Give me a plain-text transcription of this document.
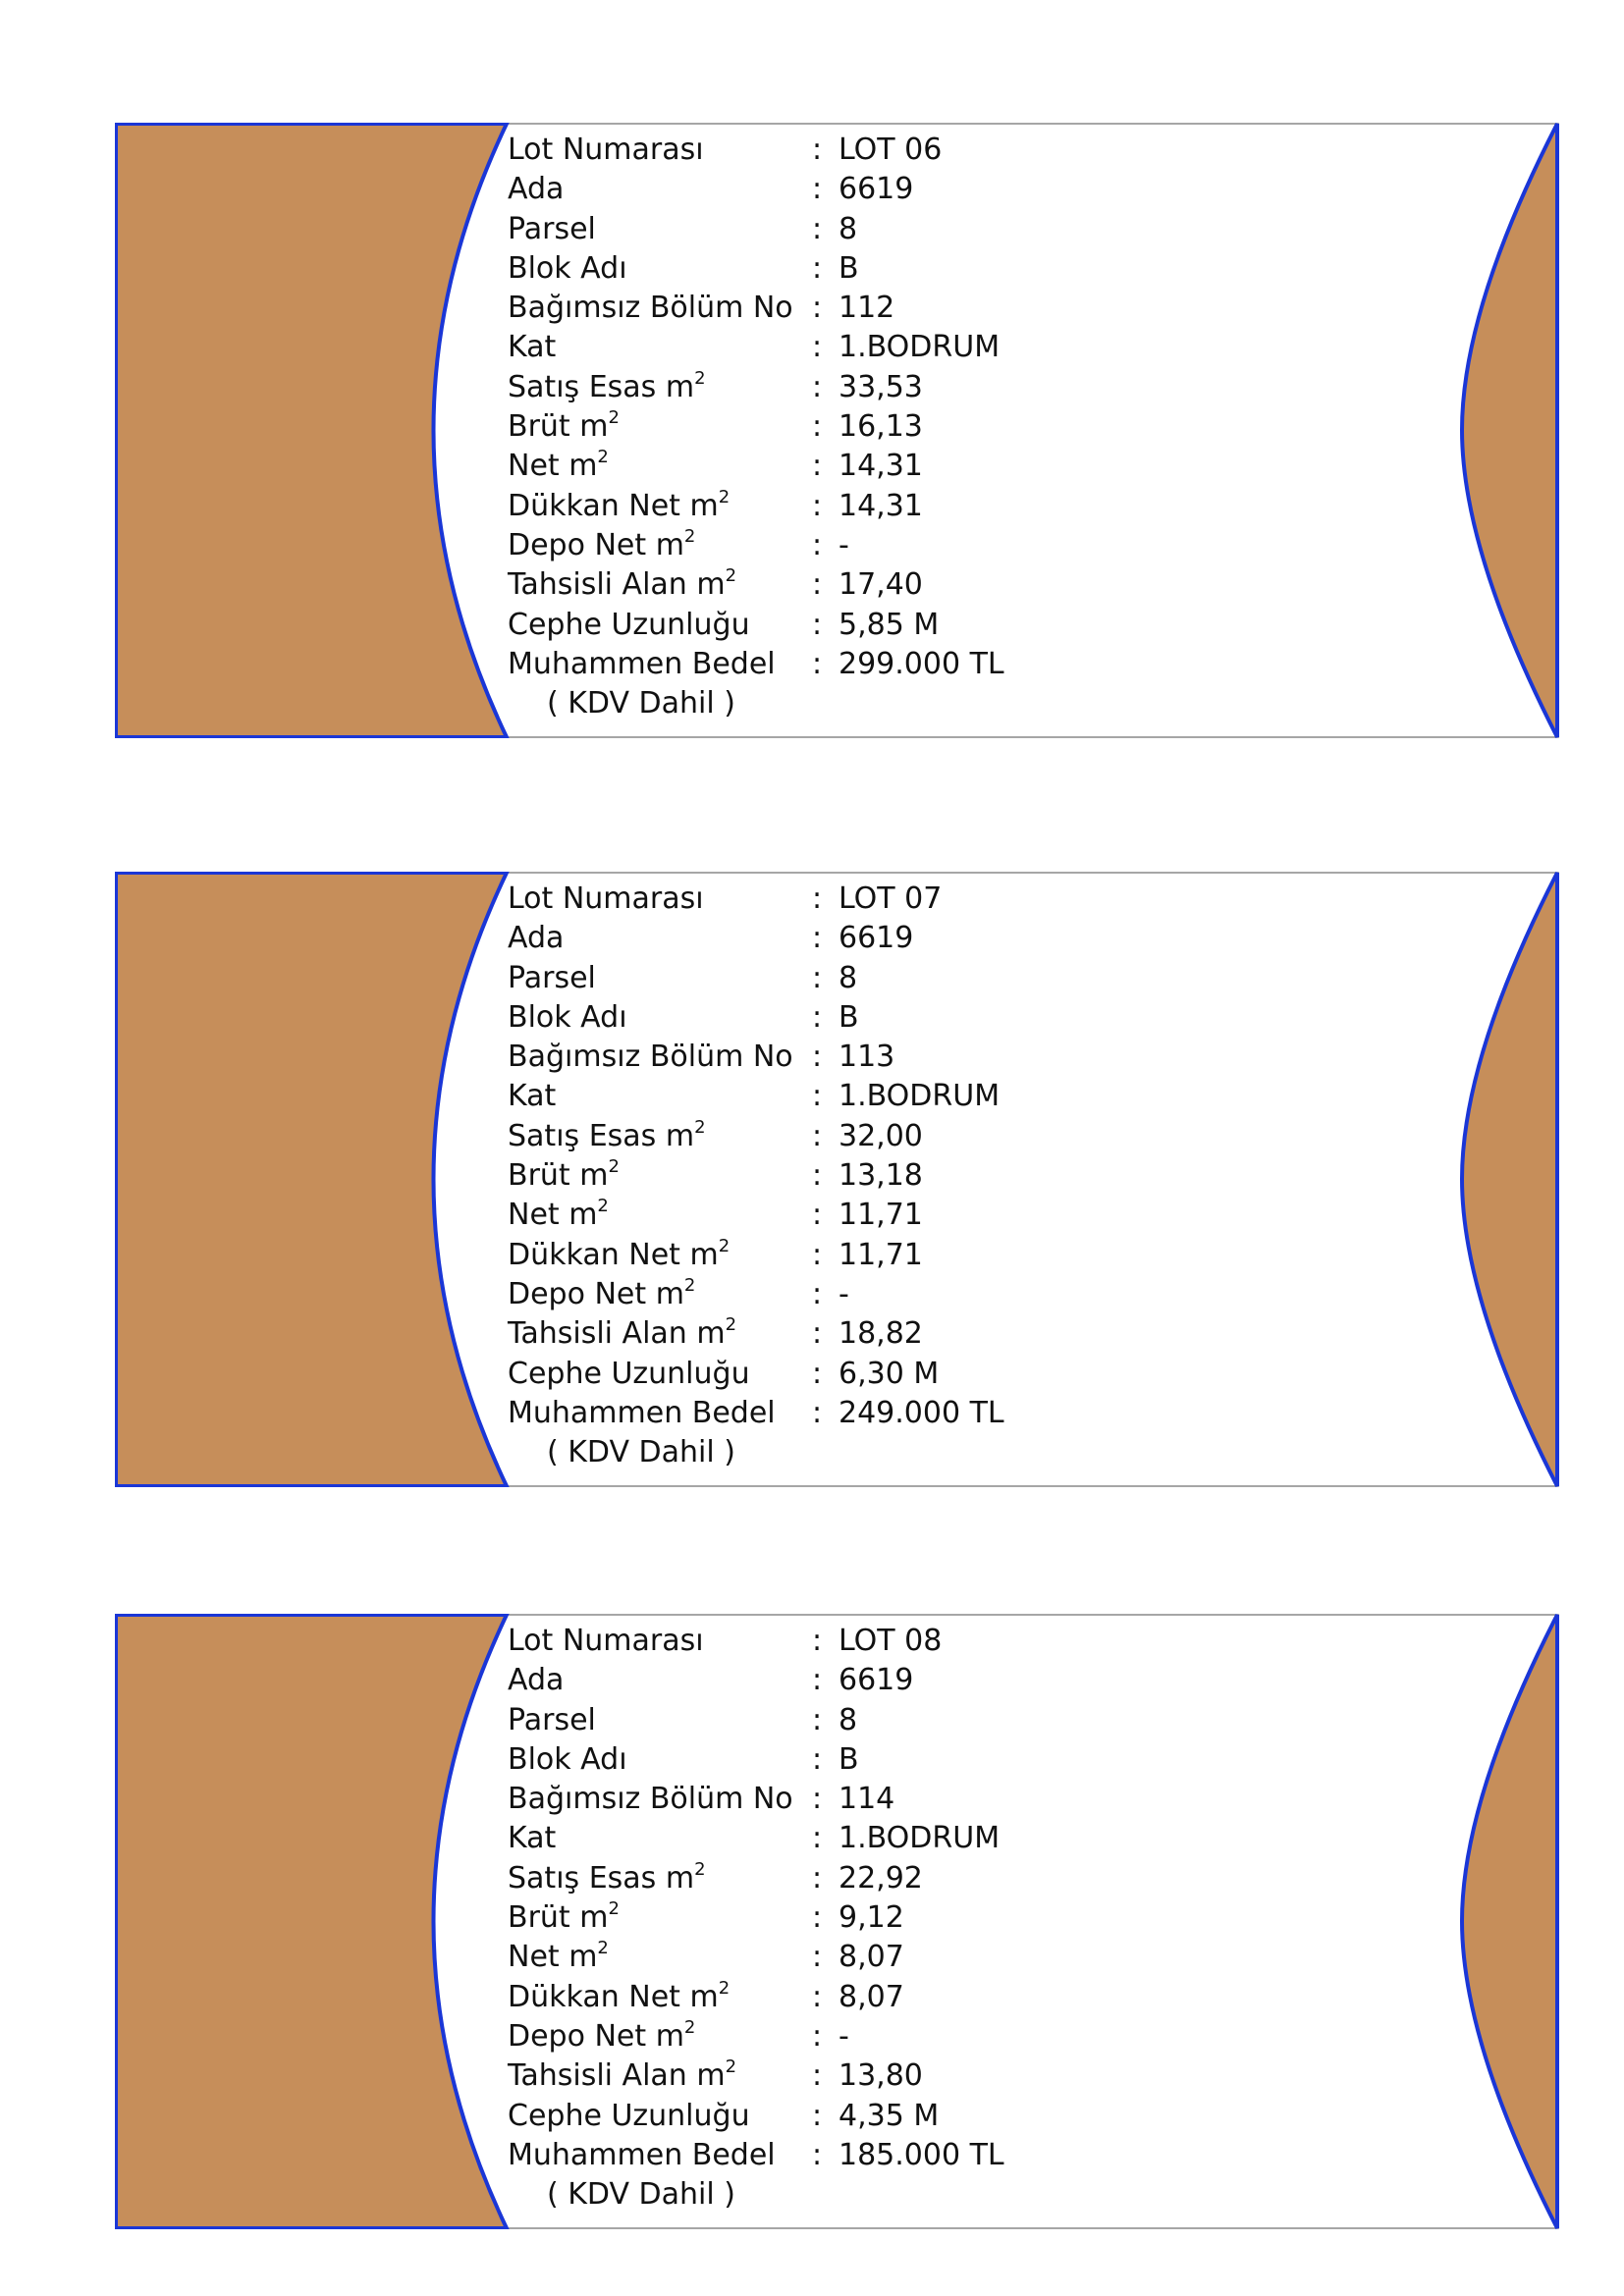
Lot Numarası	: LOT 06
Ada	: 6619
Parsel	: 8
Blok Adı	: B
Bağımsız Bölüm No : 112
Kat	: 1.BODRUM
Satış Esas $m^2$	: 33,53
Brüt $m^2$	: 16,13
Net $m^2$	: 14,31
Dükkan Net $m^2$	: 14,31
Depo Net $m^2$	: -
Tahsisli Alan $m^2$	: 17,40
Cephe Uzunluğu : 5,85 M
Muhammen Bedel : 299.000 TL
( KDV Dahil )
Lot Numarası	: LOT 07
Ada	: 6619
Parsel	: 8
Blok Adı	: B
Bağımsız Bölüm No : 113
Kat	: 1.BODRUM
Satış Esas $m^2$	: 32,00
Brüt $m^2$	: 13,18
Net $m^2$	: 11,71
Dükkan Net $m^2$	: 11,71
Depo Net $m^2$	: -
Tahsisli Alan $m^2$	: 18,82
Cephe Uzunluğu : 6,30 M
Muhammen Bedel : 249.000 TL
( KDV Dahil )
Lot Numarası	: LOT 08
Ada	: 6619
Parsel	: 8
Blok Adı	: B
Bağımsız Bölüm No : 114
Kat	: 1.BODRUM
Satış Esas $m^2$	: 22,92
Brüt $m^2$	: 9,12
Net $m^2$	: 8,07
Dükkan Net $m^2$	: 8,07
Depo Net $m^2$	: -
Tahsisli Alan $m^2$	: 13,80
Cephe Uzunluğu : 4,35 M
Muhammen Bedel : 185.000 TL
( KDV Dahil )
